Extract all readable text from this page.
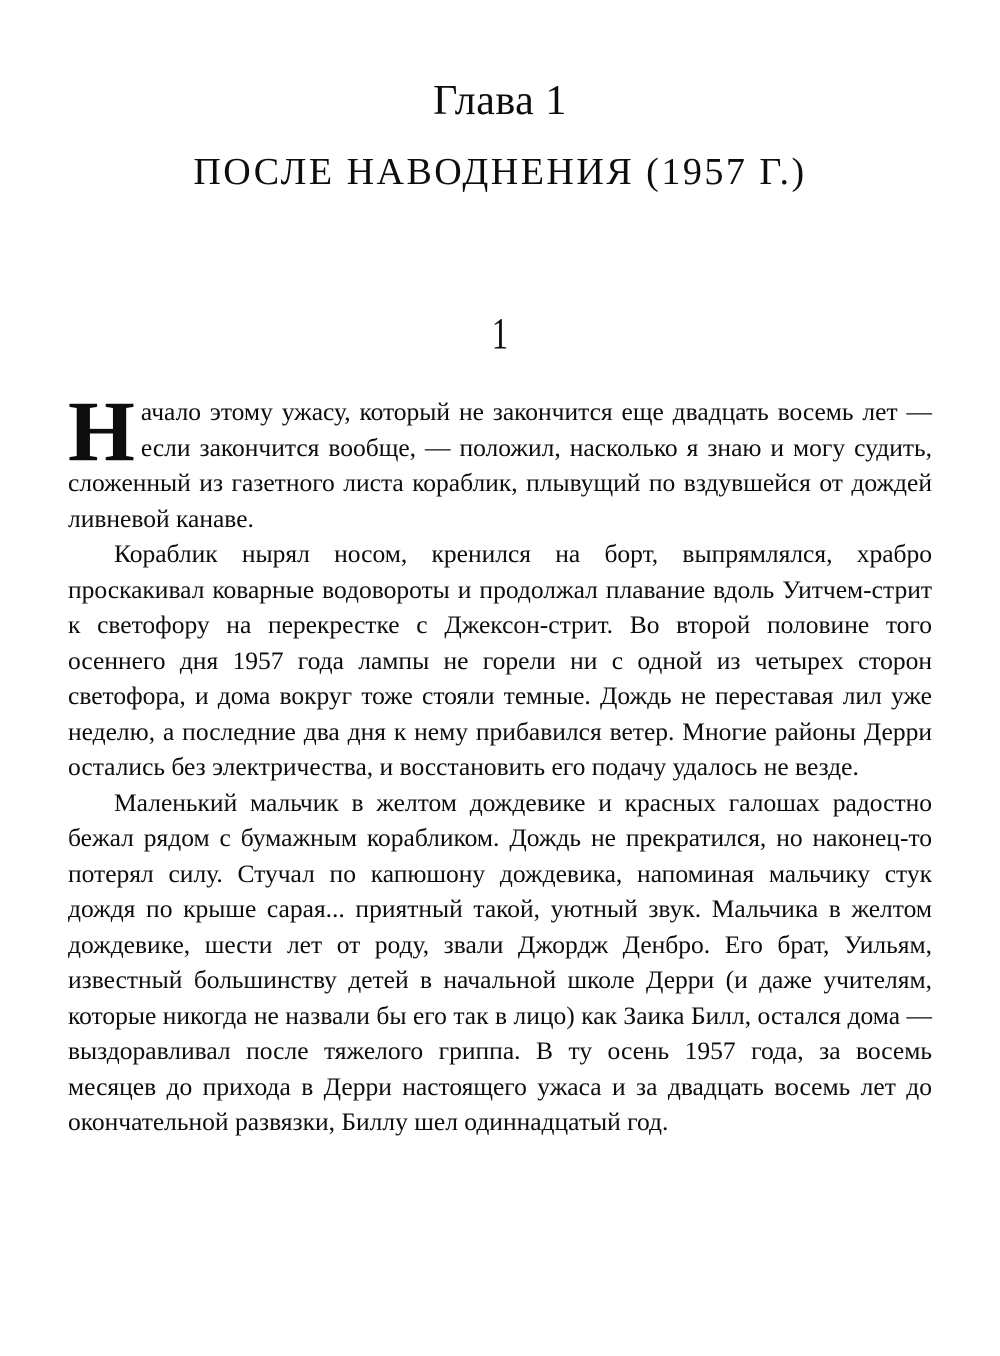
Глава 1
ПОСЛЕ НАВОДНЕНИЯ (1957 Г.)
1

Начало этому ужасу, который не закончится еще двадцать восемь лет — если закончится вообще, — положил, насколько я знаю и могу судить, сложенный из газетного листа кораблик, плывущий по вздувшейся от дождей ливневой канаве.

Кораблик нырял носом, кренился на борт, выпрямлялся, храбро проскакивал коварные водовороты и продолжал плавание вдоль Уитчем-стрит к светофору на перекрестке с Джексон-стрит. Во второй половине того осеннего дня 1957 года лампы не горели ни с одной из четырех сторон светофора, и дома вокруг тоже стояли темные. Дождь не переставая лил уже неделю, а последние два дня к нему прибавился ветер. Многие районы Дерри остались без электричества, и восстановить его подачу удалось не везде.

Маленький мальчик в желтом дождевике и красных галошах радостно бежал рядом с бумажным корабликом. Дождь не прекратился, но наконец-то потерял силу. Стучал по капюшону дождевика, напоминая мальчику стук дождя по крыше сарая... приятный такой, уютный звук. Мальчика в желтом дождевике, шести лет от роду, звали Джордж Денбро. Его брат, Уильям, известный большинству детей в начальной школе Дерри (и даже учителям, которые никогда не назвали бы его так в лицо) как Заика Билл, остался дома — выздоравливал после тяжелого гриппа. В ту осень 1957 года, за восемь месяцев до прихода в Дерри настоящего ужаса и за двадцать восемь лет до окончательной развязки, Биллу шел одиннадцатый год.
